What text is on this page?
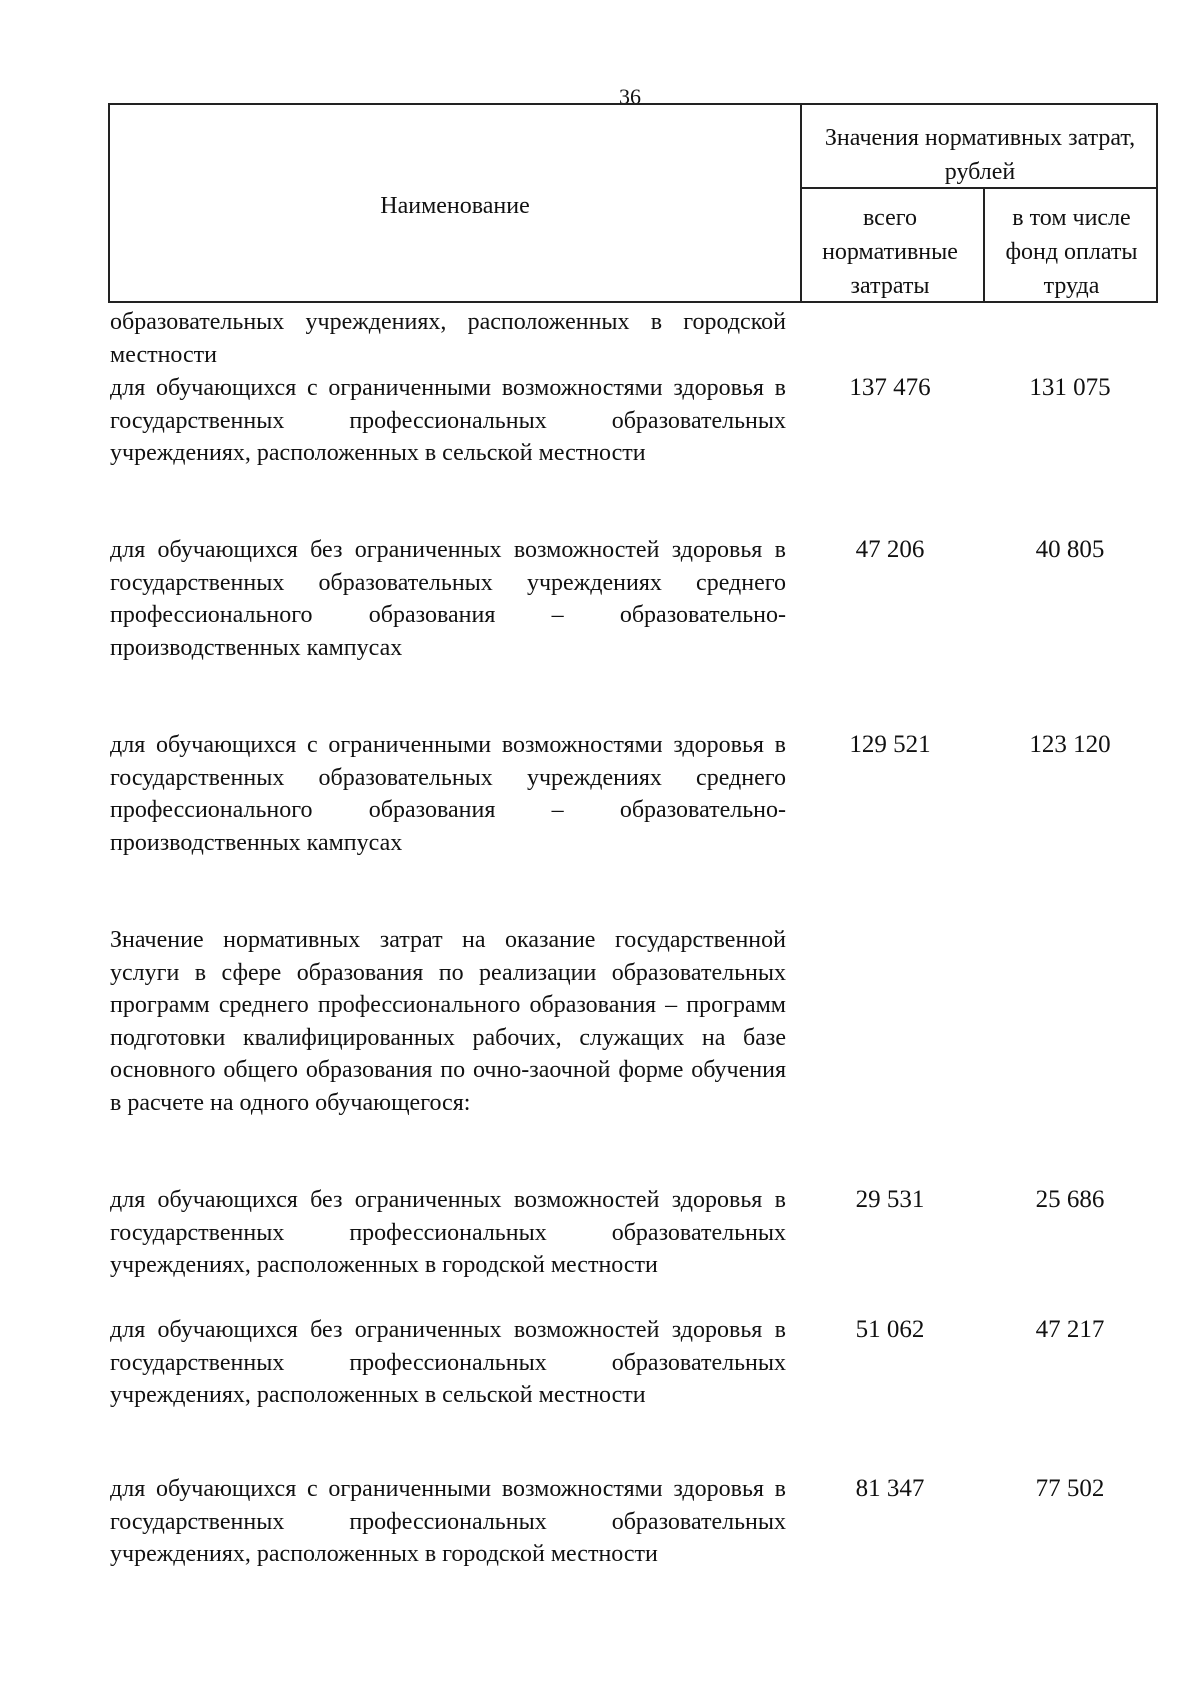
36
Наименование
Значения нормативных затрат, рублей
всего нормативные затраты
в том числе фонд оплаты труда
образовательных учреждениях, расположенных в городской местности
для обучающихся с ограниченными возможностями здоровья в государственных профессиональных образовательных учреждениях, расположенных в сельской местности
137 476	131 075
для обучающихся без ограниченных возможностей здоровья в государственных образовательных учреждениях среднего профессионального образования – образовательно-производственных кампусах
47 206	40 805
для обучающихся с ограниченными возможностями здоровья в государственных образовательных учреждениях среднего профессионального образования – образовательно-производственных кампусах
129 521	123 120
Значение нормативных затрат на оказание государственной услуги в сфере образования по реализации образовательных программ среднего профессионального образования – программ подготовки квалифицированных рабочих, служащих на базе основного общего образования по очно-заочной форме обучения в расчете на одного обучающегося:
для обучающихся без ограниченных возможностей здоровья в государственных профессиональных образовательных учреждениях, расположенных в городской местности
29 531	25 686
для обучающихся без ограниченных возможностей здоровья в государственных профессиональных образовательных учреждениях, расположенных в сельской местности
51 062	47 217
для обучающихся с ограниченными возможностями здоровья в государственных профессиональных образовательных учреждениях, расположенных в городской местности
81 347	77 502
